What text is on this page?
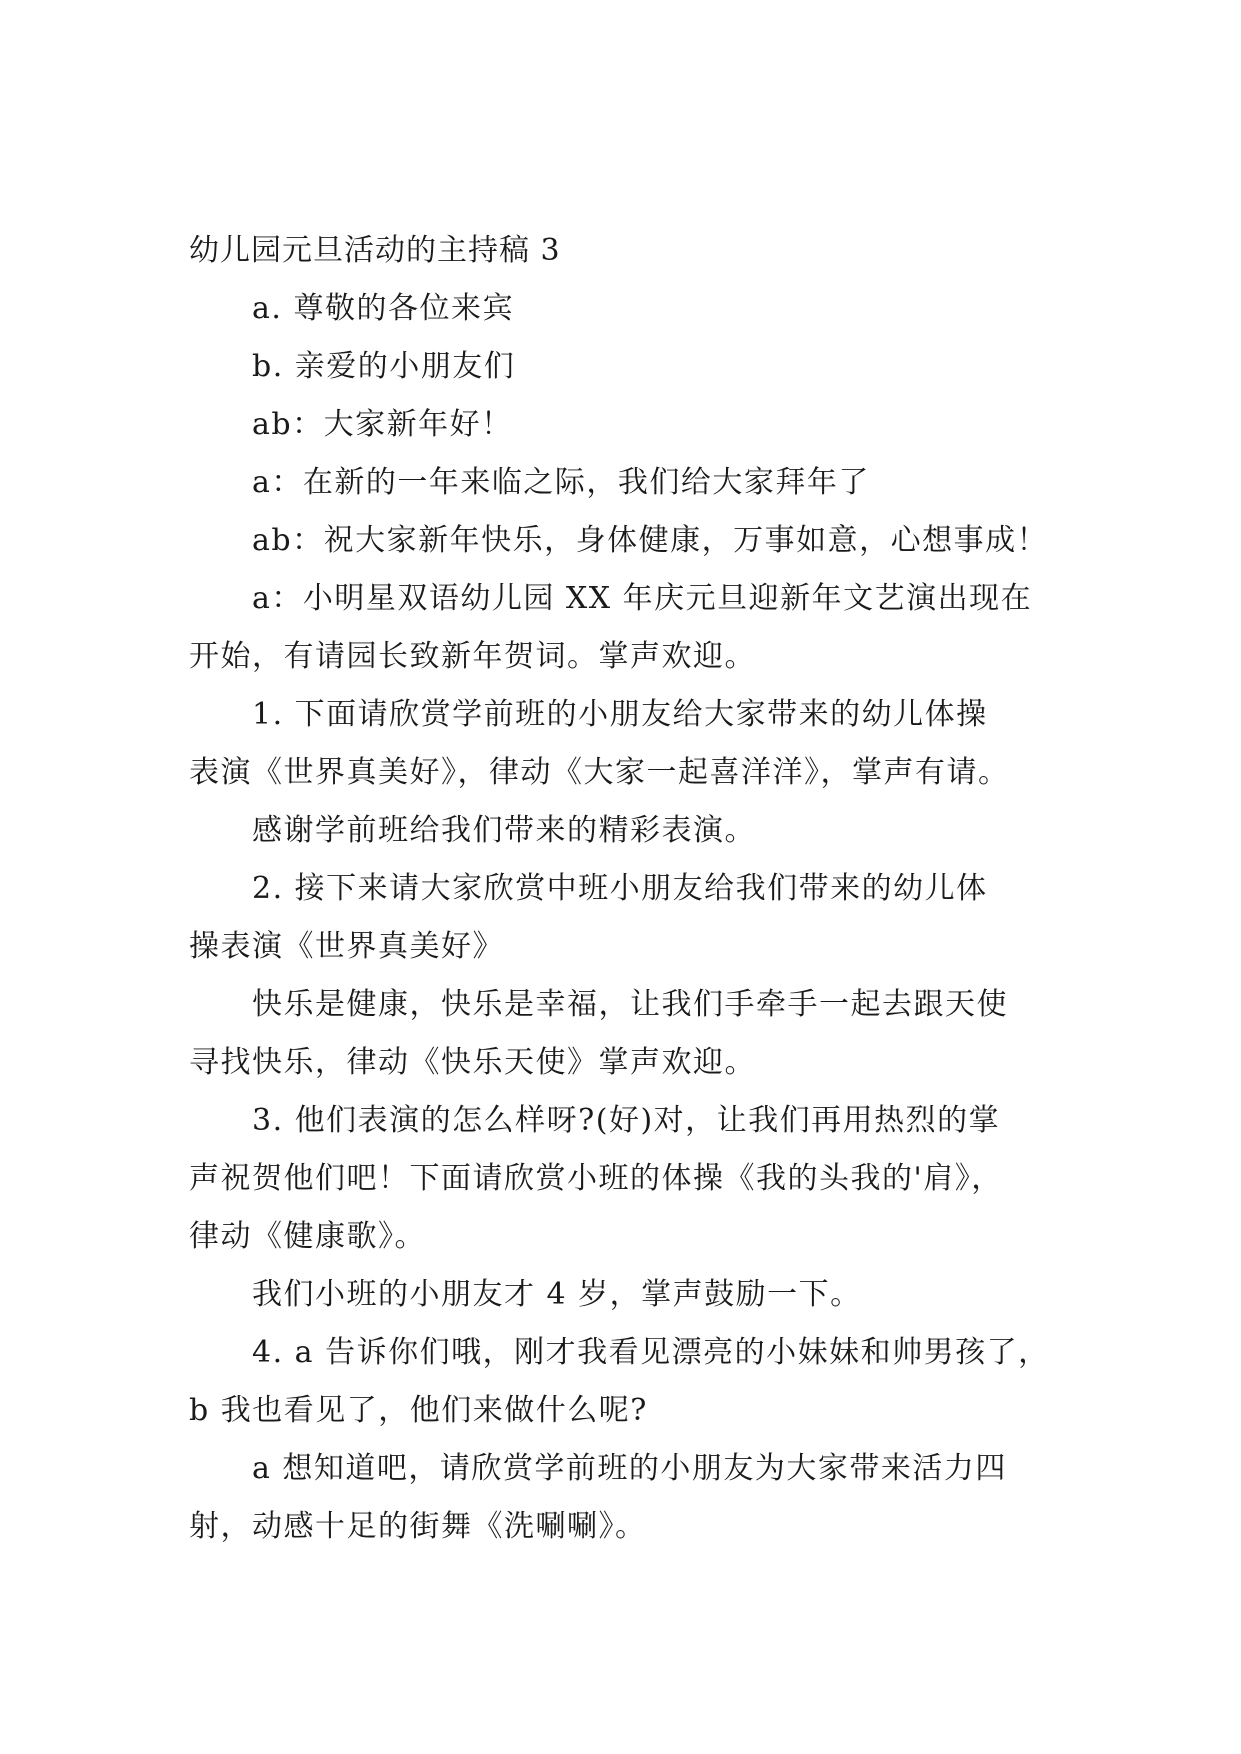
幼儿园元旦活动的主持稿 3
a. 尊敬的各位来宾
b. 亲爱的小朋友们
ab：大家新年好！
a：在新的一年来临之际，我们给大家拜年了
ab：祝大家新年快乐，身体健康，万事如意，心想事成！
a：小明星双语幼儿园 XX 年庆元旦迎新年文艺演出现在
开始，有请园长致新年贺词。掌声欢迎。
1. 下面请欣赏学前班的小朋友给大家带来的幼儿体操
表演《世界真美好》，律动《大家一起喜洋洋》，掌声有请。
感谢学前班给我们带来的精彩表演。
2. 接下来请大家欣赏中班小朋友给我们带来的幼儿体
操表演《世界真美好》
快乐是健康，快乐是幸福，让我们手牵手一起去跟天使
寻找快乐，律动《快乐天使》掌声欢迎。
3. 他们表演的怎么样呀?(好)对，让我们再用热烈的掌
声祝贺他们吧！下面请欣赏小班的体操《我的头我的'肩》，
律动《健康歌》。
我们小班的小朋友才 4 岁，掌声鼓励一下。
4. a 告诉你们哦，刚才我看见漂亮的小妹妹和帅男孩了，
b 我也看见了，他们来做什么呢?
a 想知道吧，请欣赏学前班的小朋友为大家带来活力四
射，动感十足的街舞《洗唰唰》。
